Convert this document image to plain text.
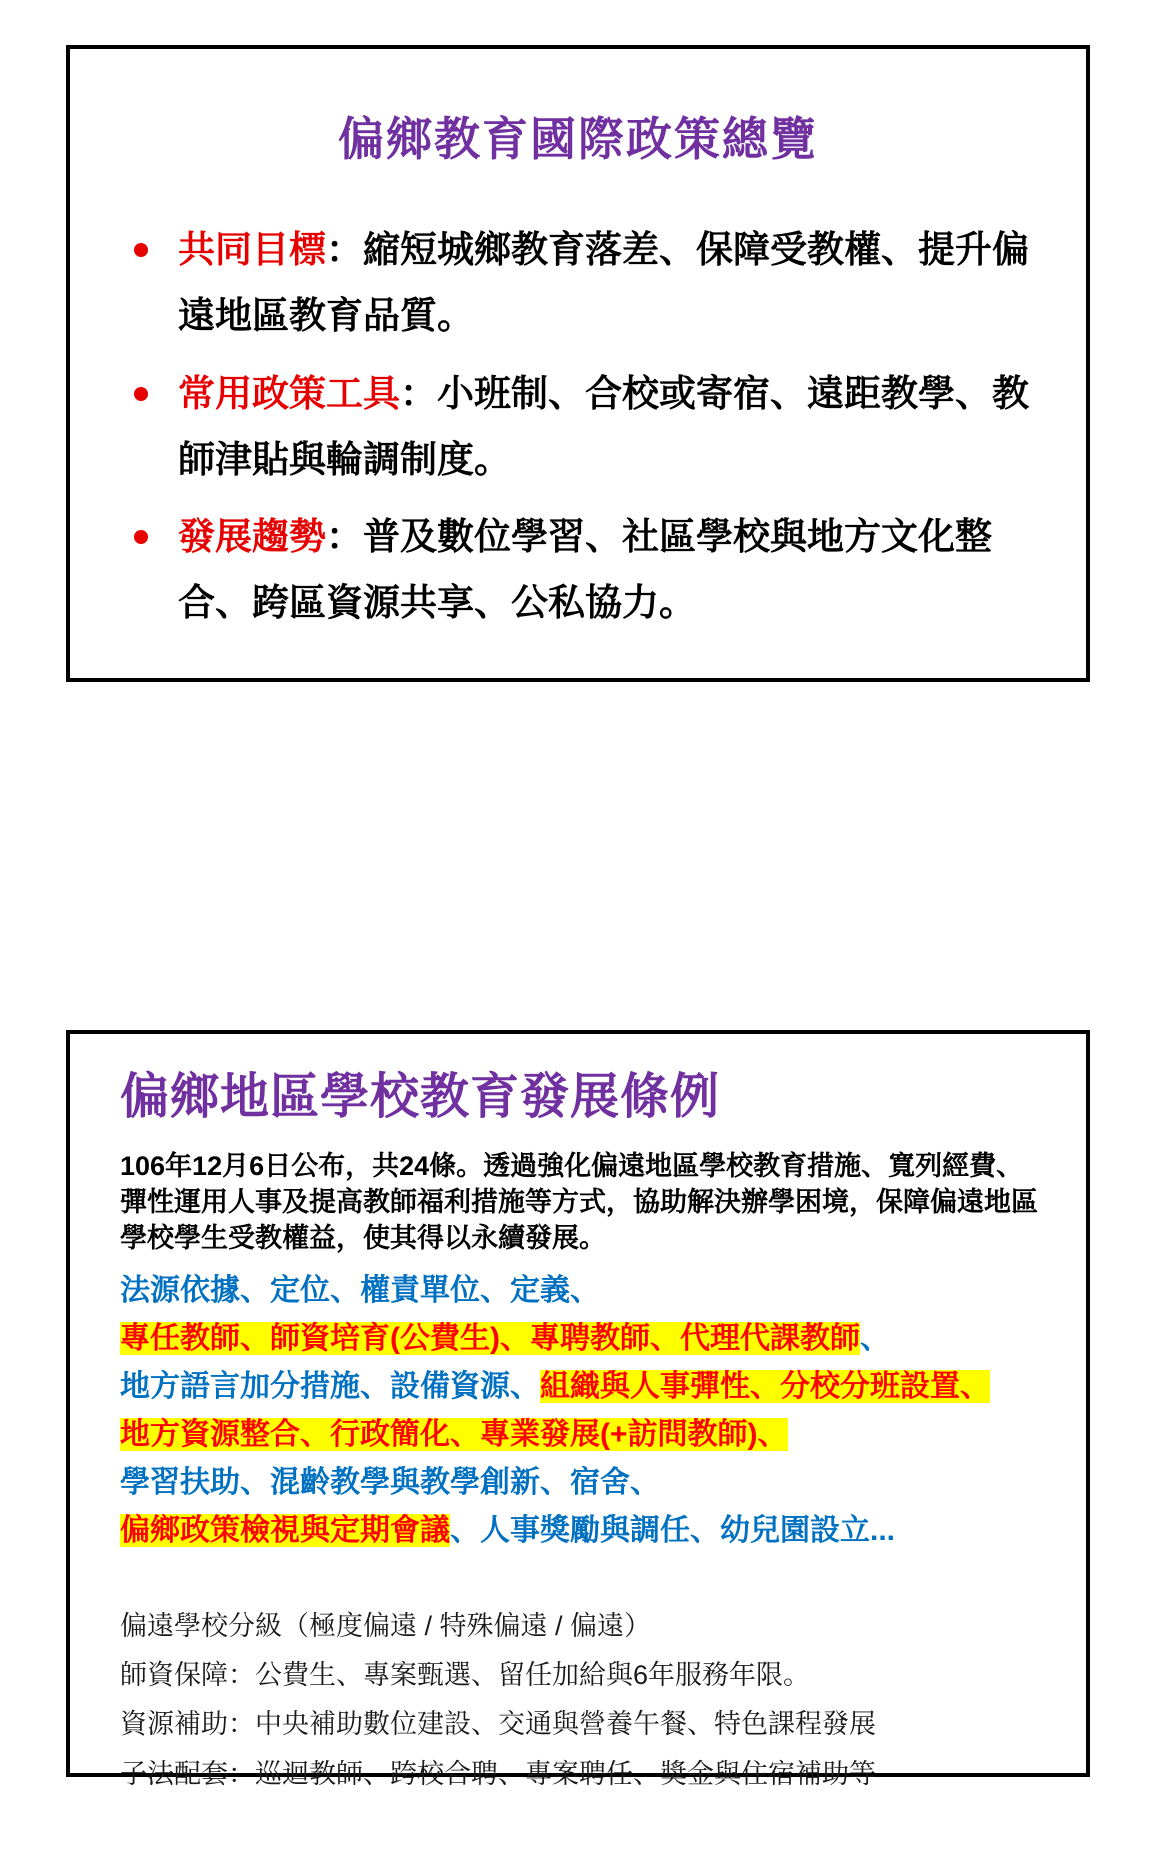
偏鄉教育國際政策總覽
共同目標：縮短城鄉教育落差、保障受教權、提升偏遠地區教育品質。
常用政策工具：小班制、合校或寄宿、遠距教學、教師津貼與輪調制度。
發展趨勢：普及數位學習、社區學校與地方文化整合、跨區資源共享、公私協力。
偏鄉地區學校教育發展條例

106年12月6日公布，共24條。透過強化偏遠地區學校教育措施、寬列經費、彈性運用人事及提高教師福利措施等方式，協助解決辦學困境，保障偏遠地區學校學生受教權益，使其得以永續發展。

法源依據、定位、權責單位、定義、
專任教師、師資培育(公費生)、專聘教師、代理代課教師、
地方語言加分措施、設備資源、組織與人事彈性、分校分班設置、
地方資源整合、行政簡化、專業發展(+訪問教師)、
學習扶助、混齡教學與教學創新、宿舍、
偏鄉政策檢視與定期會議、人事獎勵與調任、幼兒園設立...
偏遠學校分級（極度偏遠 / 特殊偏遠 / 偏遠）
師資保障：公費生、專案甄選、留任加給與6年服務年限。
資源補助：中央補助數位建設、交通與營養午餐、特色課程發展
子法配套：巡迴教師、跨校合聘、專案聘任、獎金與住宿補助等
